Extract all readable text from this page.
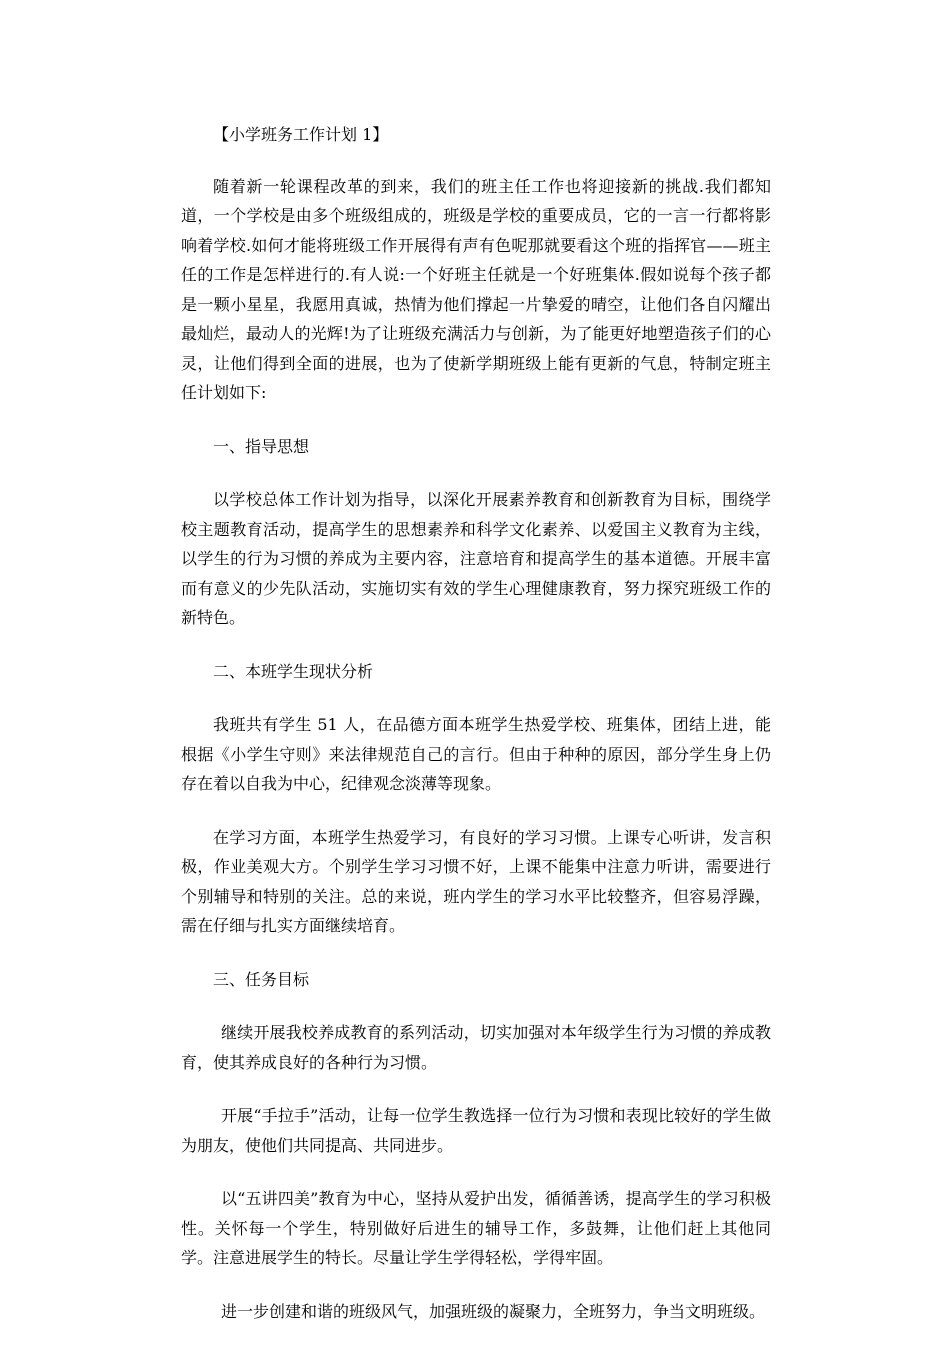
【小学班务工作计划 1】

随着新一轮课程改革的到来，我们的班主任工作也将迎接新的挑战.我们都知道，一个学校是由多个班级组成的，班级是学校的重要成员，它的一言一行都将影响着学校.如何才能将班级工作开展得有声有色呢那就要看这个班的指挥官——班主任的工作是怎样进行的.有人说:一个好班主任就是一个好班集体.假如说每个孩子都是一颗小星星，我愿用真诚，热情为他们撑起一片挚爱的晴空，让他们各自闪耀出最灿烂，最动人的光辉!为了让班级充满活力与创新，为了能更好地塑造孩子们的心灵，让他们得到全面的进展，也为了使新学期班级上能有更新的气息，特制定班主任计划如下:

一、指导思想

以学校总体工作计划为指导，以深化开展素养教育和创新教育为目标，围绕学校主题教育活动，提高学生的思想素养和科学文化素养、以爱国主义教育为主线，以学生的行为习惯的养成为主要内容，注意培育和提高学生的基本道德。开展丰富而有意义的少先队活动，实施切实有效的学生心理健康教育，努力探究班级工作的新特色。

二、本班学生现状分析

我班共有学生 51 人，在品德方面本班学生热爱学校、班集体，团结上进，能根据《小学生守则》来法律规范自己的言行。但由于种种的原因，部分学生身上仍存在着以自我为中心，纪律观念淡薄等现象。

在学习方面，本班学生热爱学习，有良好的学习习惯。上课专心听讲，发言积极，作业美观大方。个别学生学习习惯不好，上课不能集中注意力听讲，需要进行个别辅导和特别的关注。总的来说，班内学生的学习水平比较整齐，但容易浮躁，需在仔细与扎实方面继续培育。

三、任务目标

继续开展我校养成教育的系列活动，切实加强对本年级学生行为习惯的养成教育，使其养成良好的各种行为习惯。

开展“手拉手”活动，让每一位学生教选择一位行为习惯和表现比较好的学生做为朋友，使他们共同提高、共同进步。

以“五讲四美”教育为中心，坚持从爱护出发，循循善诱，提高学生的学习积极性。关怀每一个学生，特别做好后进生的辅导工作，多鼓舞，让他们赶上其他同学。注意进展学生的特长。尽量让学生学得轻松，学得牢固。

进一步创建和谐的班级风气，加强班级的凝聚力，全班努力，争当文明班级。
